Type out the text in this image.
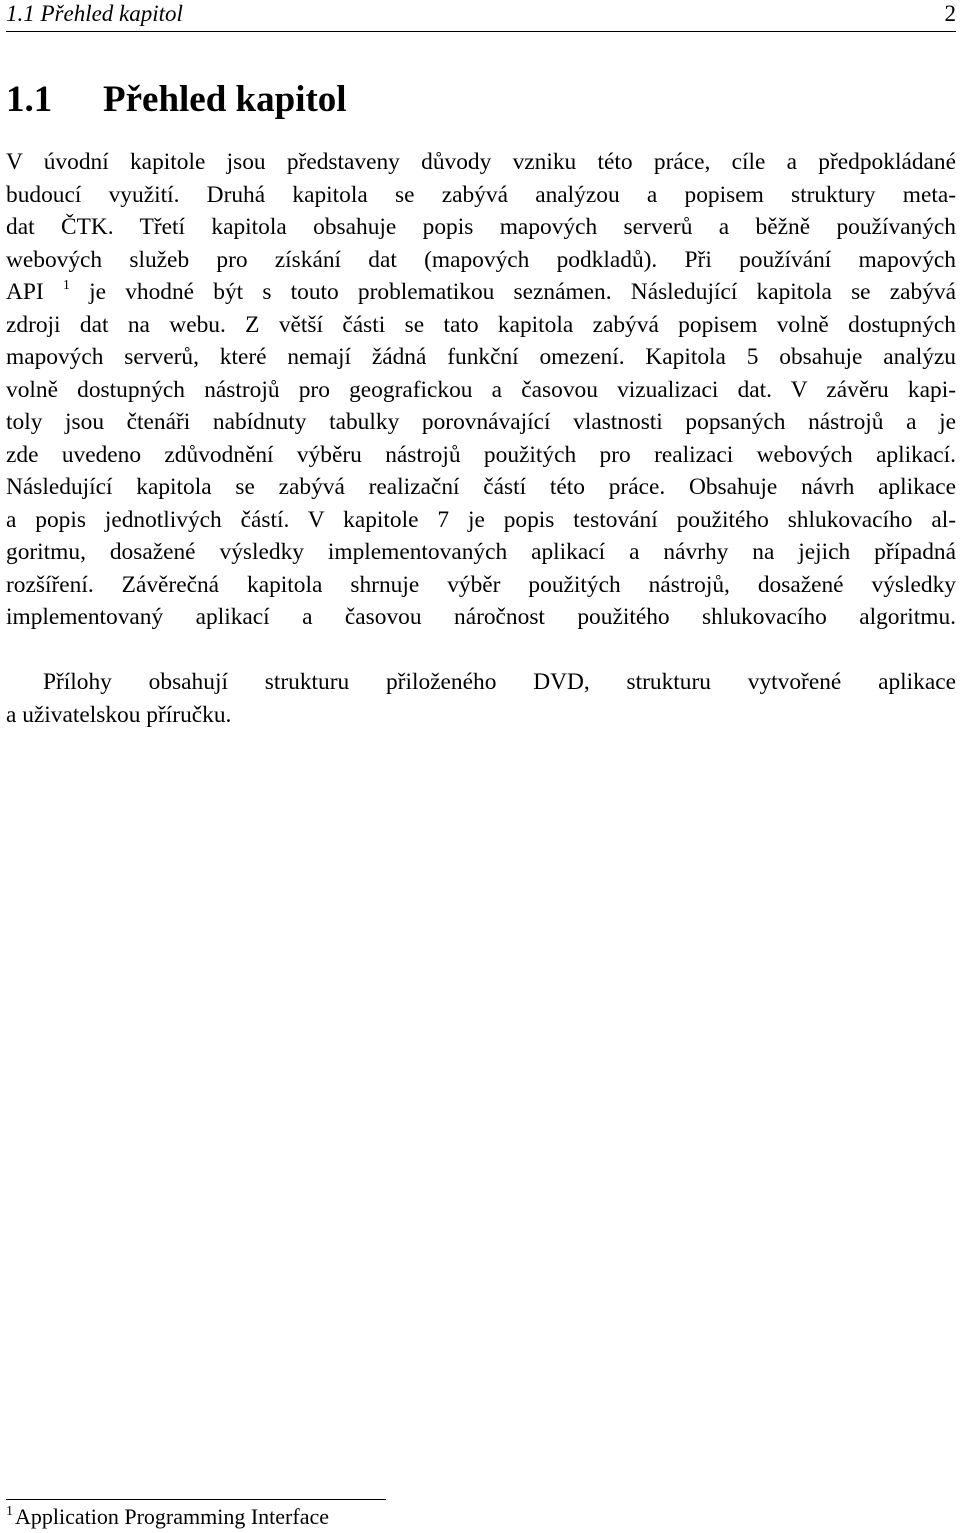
1.1 Přehled kapitol	2
1.1 Přehled kapitol
V úvodní kapitole jsou představeny důvody vzniku této práce, cíle a předpokládané
budoucí využití. Druhá kapitola se zabývá analýzou a popisem struktury meta-
dat ČTK. Třetí kapitola obsahuje popis mapových serverů a běžně používaných
webových služeb pro získání dat (mapových podkladů). Při používání mapových
API $^1$ je vhodné být s touto problematikou seznámen. Následující kapitola se zabývá
zdroji dat na webu. Z větší části se tato kapitola zabývá popisem volně dostupných
mapových serverů, které nemají žádná funkční omezení. Kapitola 5 obsahuje analýzu
volně dostupných nástrojů pro geografickou a časovou vizualizaci dat. V závěru kapi-
toly jsou čtenáři nabídnuty tabulky porovnávající vlastnosti popsaných nástrojů a je
zde uvedeno zdůvodnění výběru nástrojů použitých pro realizaci webových aplikací.
Následující kapitola se zabývá realizační částí této práce. Obsahuje návrh aplikace
a popis jednotlivých částí. V kapitole 7 je popis testování použitého shlukovacího al-
goritmu, dosažené výsledky implementovaných aplikací a návrhy na jejich případná
rozšíření. Závěrečná kapitola shrnuje výběr použitých nástrojů, dosažené výsledky
implementovaný aplikací a časovou náročnost použitého shlukovacího algoritmu.
Přílohy obsahují strukturu přiloženého DVD, strukturu vytvořené aplikace
a uživatelskou příručku.
$^1$Application Programming Interface
